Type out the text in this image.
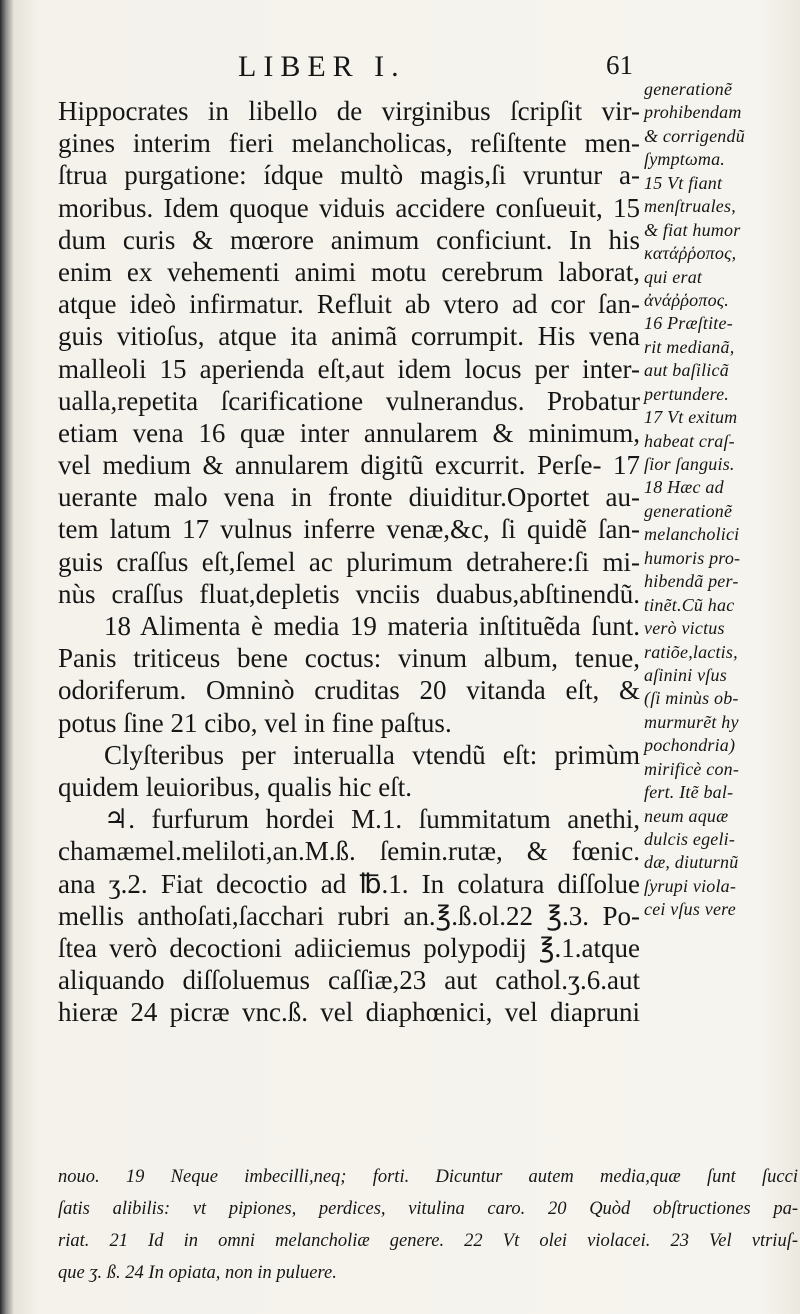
LIBER I.	61
Hippocrates in libello de virginibus ſcripſit vir-
gines interim fieri melancholicas, reſiſtente men-
ſtrua purgatione: ídque multò magis,ſi vruntur a-
moribus. Idem quoque viduis accidere conſueuit, 15
dum curis & mœrore animum conficiunt. In his
enim ex vehementi animi motu cerebrum laborat,
atque ideò infirmatur. Refluit ab vtero ad cor ſan-
guis vitioſus, atque ita animã corrumpit. His vena
malleoli 15 aperienda eſt,aut idem locus per inter-
ualla,repetita ſcarificatione vulnerandus. Probatur
etiam vena 16 quæ inter annularem & minimum,
vel medium & annularem digitũ excurrit. Perſe- 17
uerante malo vena in fronte diuiditur.Oportet au-
tem latum 17 vulnus inferre venæ,&c, ſi quidẽ ſan-
guis craſſus eſt,ſemel ac plurimum detrahere:ſi mi-
nùs craſſus fluat,depletis vnciis duabus,abſtinendũ.
18 Alimenta è media 19 materia inſtituẽda ſunt.
Panis triticeus bene coctus: vinum album, tenue,
odoriferum. Omninò cruditas 20 vitanda eſt, &
potus ſine 21 cibo, vel in fine paſtus.
Clyſteribus per interualla vtendũ eſt: primùm
quidem leuioribus, qualis hic eſt.
♃. furfurum hordei M.1. ſummitatum anethi,
chamæmel.meliloti,an.M.ß. ſemin.rutæ, & fœnic.
ana ʒ.2. Fiat decoctio ad ℔.1. In colatura diſſolue
mellis anthoſati,ſacchari rubri an.℥.ß.ol.22 ℥.3. Po-
ſtea verò decoctioni adiiciemus polypodij ℥.1.atque
aliquando diſſoluemus caſſiæ,23 aut cathol.ʒ.6.aut
hieræ 24 picræ vnc.ß. vel diaphœnici, vel diapruni
generationẽ
prohibendam
& corrigendũ
ſymptωma.
15 Vt fiant
menſtruales,
& fiat humor
κατάῤῥοπος,
qui erat
ἀνάῤῥοπος.
16 Præſtite-
rit medianã,
aut baſilicã
pertundere.
17 Vt exitum
habeat craſ-
ſior ſanguis.
18 Hæc ad
generationẽ
melancholici
humoris pro-
hibendã per-
tinẽt.Cũ hac
verò victus
ratiõe,lactis,
aſinini vſus
(ſi minùs ob-
murmurẽt hy
pochondria)
mirificè con-
fert. Itẽ bal-
neum aquæ
dulcis egeli-
dæ, diuturnũ
ſyrupi viola-
cei vſus vere
nouo. 19 Neque imbecilli,neq; forti. Dicuntur autem media,quæ ſunt ſucci
ſatis alibilis: vt pipiones, perdices, vitulina caro. 20 Quòd obſtructiones pa-
riat. 21 Id in omni melancholiæ genere. 22 Vt olei violacei. 23 Vel vtriuſ-
que ʒ. ß. 24 In opiata, non in puluere.
